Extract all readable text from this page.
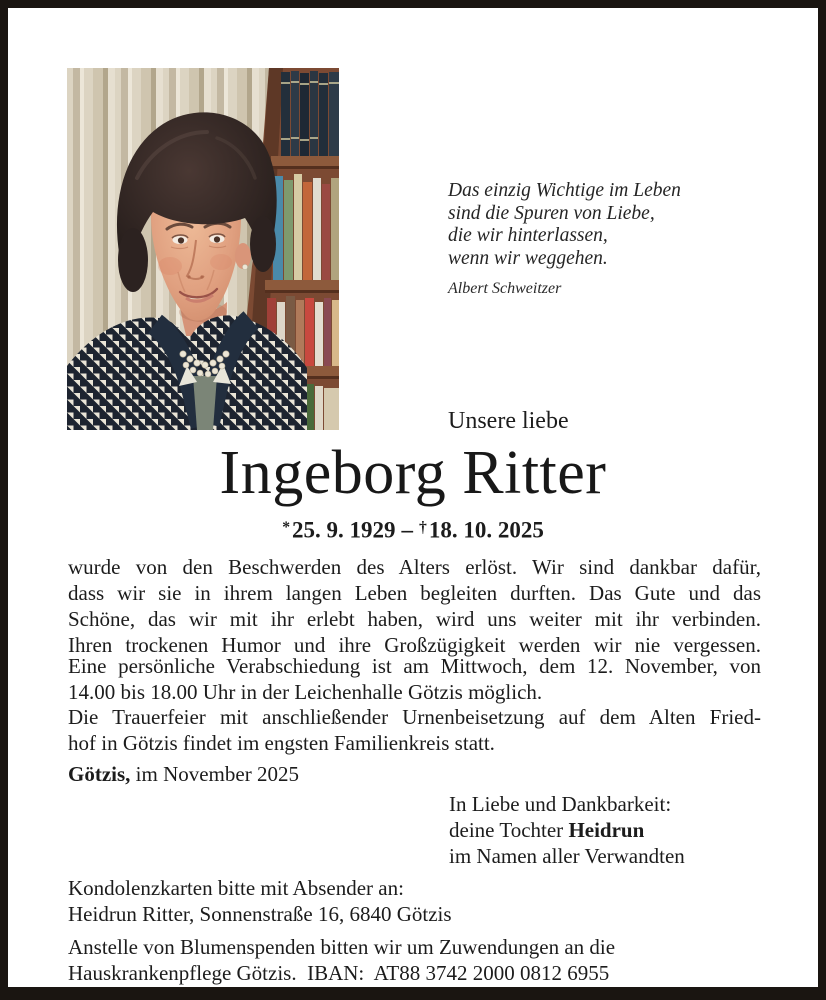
Das einzig Wichtige im Leben
sind die Spuren von Liebe,
die wir hinterlassen,
wenn wir weggehen.
Albert Schweitzer
Unsere liebe
Ingeborg Ritter
*25. 9. 1929 – †18. 10. 2025
wurde von den Beschwerden des Alters erlöst. Wir sind dankbar dafür,
dass wir sie in ihrem langen Leben begleiten durften. Das Gute und das
Schöne, das wir mit ihr erlebt haben, wird uns weiter mit ihr verbinden.
Ihren trockenen Humor und ihre Großzügigkeit werden wir nie vergessen.
Eine persönliche Verabschiedung ist am Mittwoch, dem 12. November, von
14.00 bis 18.00 Uhr in der Leichenhalle Götzis möglich.
Die Trauerfeier mit anschließender Urnenbeisetzung auf dem Alten Fried-
hof in Götzis findet im engsten Familienkreis statt.
Götzis, im November 2025
In Liebe und Dankbarkeit:
deine Tochter Heidrun
im Namen aller Verwandten
Kondolenzkarten bitte mit Absender an:
Heidrun Ritter, Sonnenstraße 16, 6840 Götzis
Anstelle von Blumenspenden bitten wir um Zuwendungen an die
Hauskrankenpflege Götzis.  IBAN:  AT88 3742 2000 0812 6955
